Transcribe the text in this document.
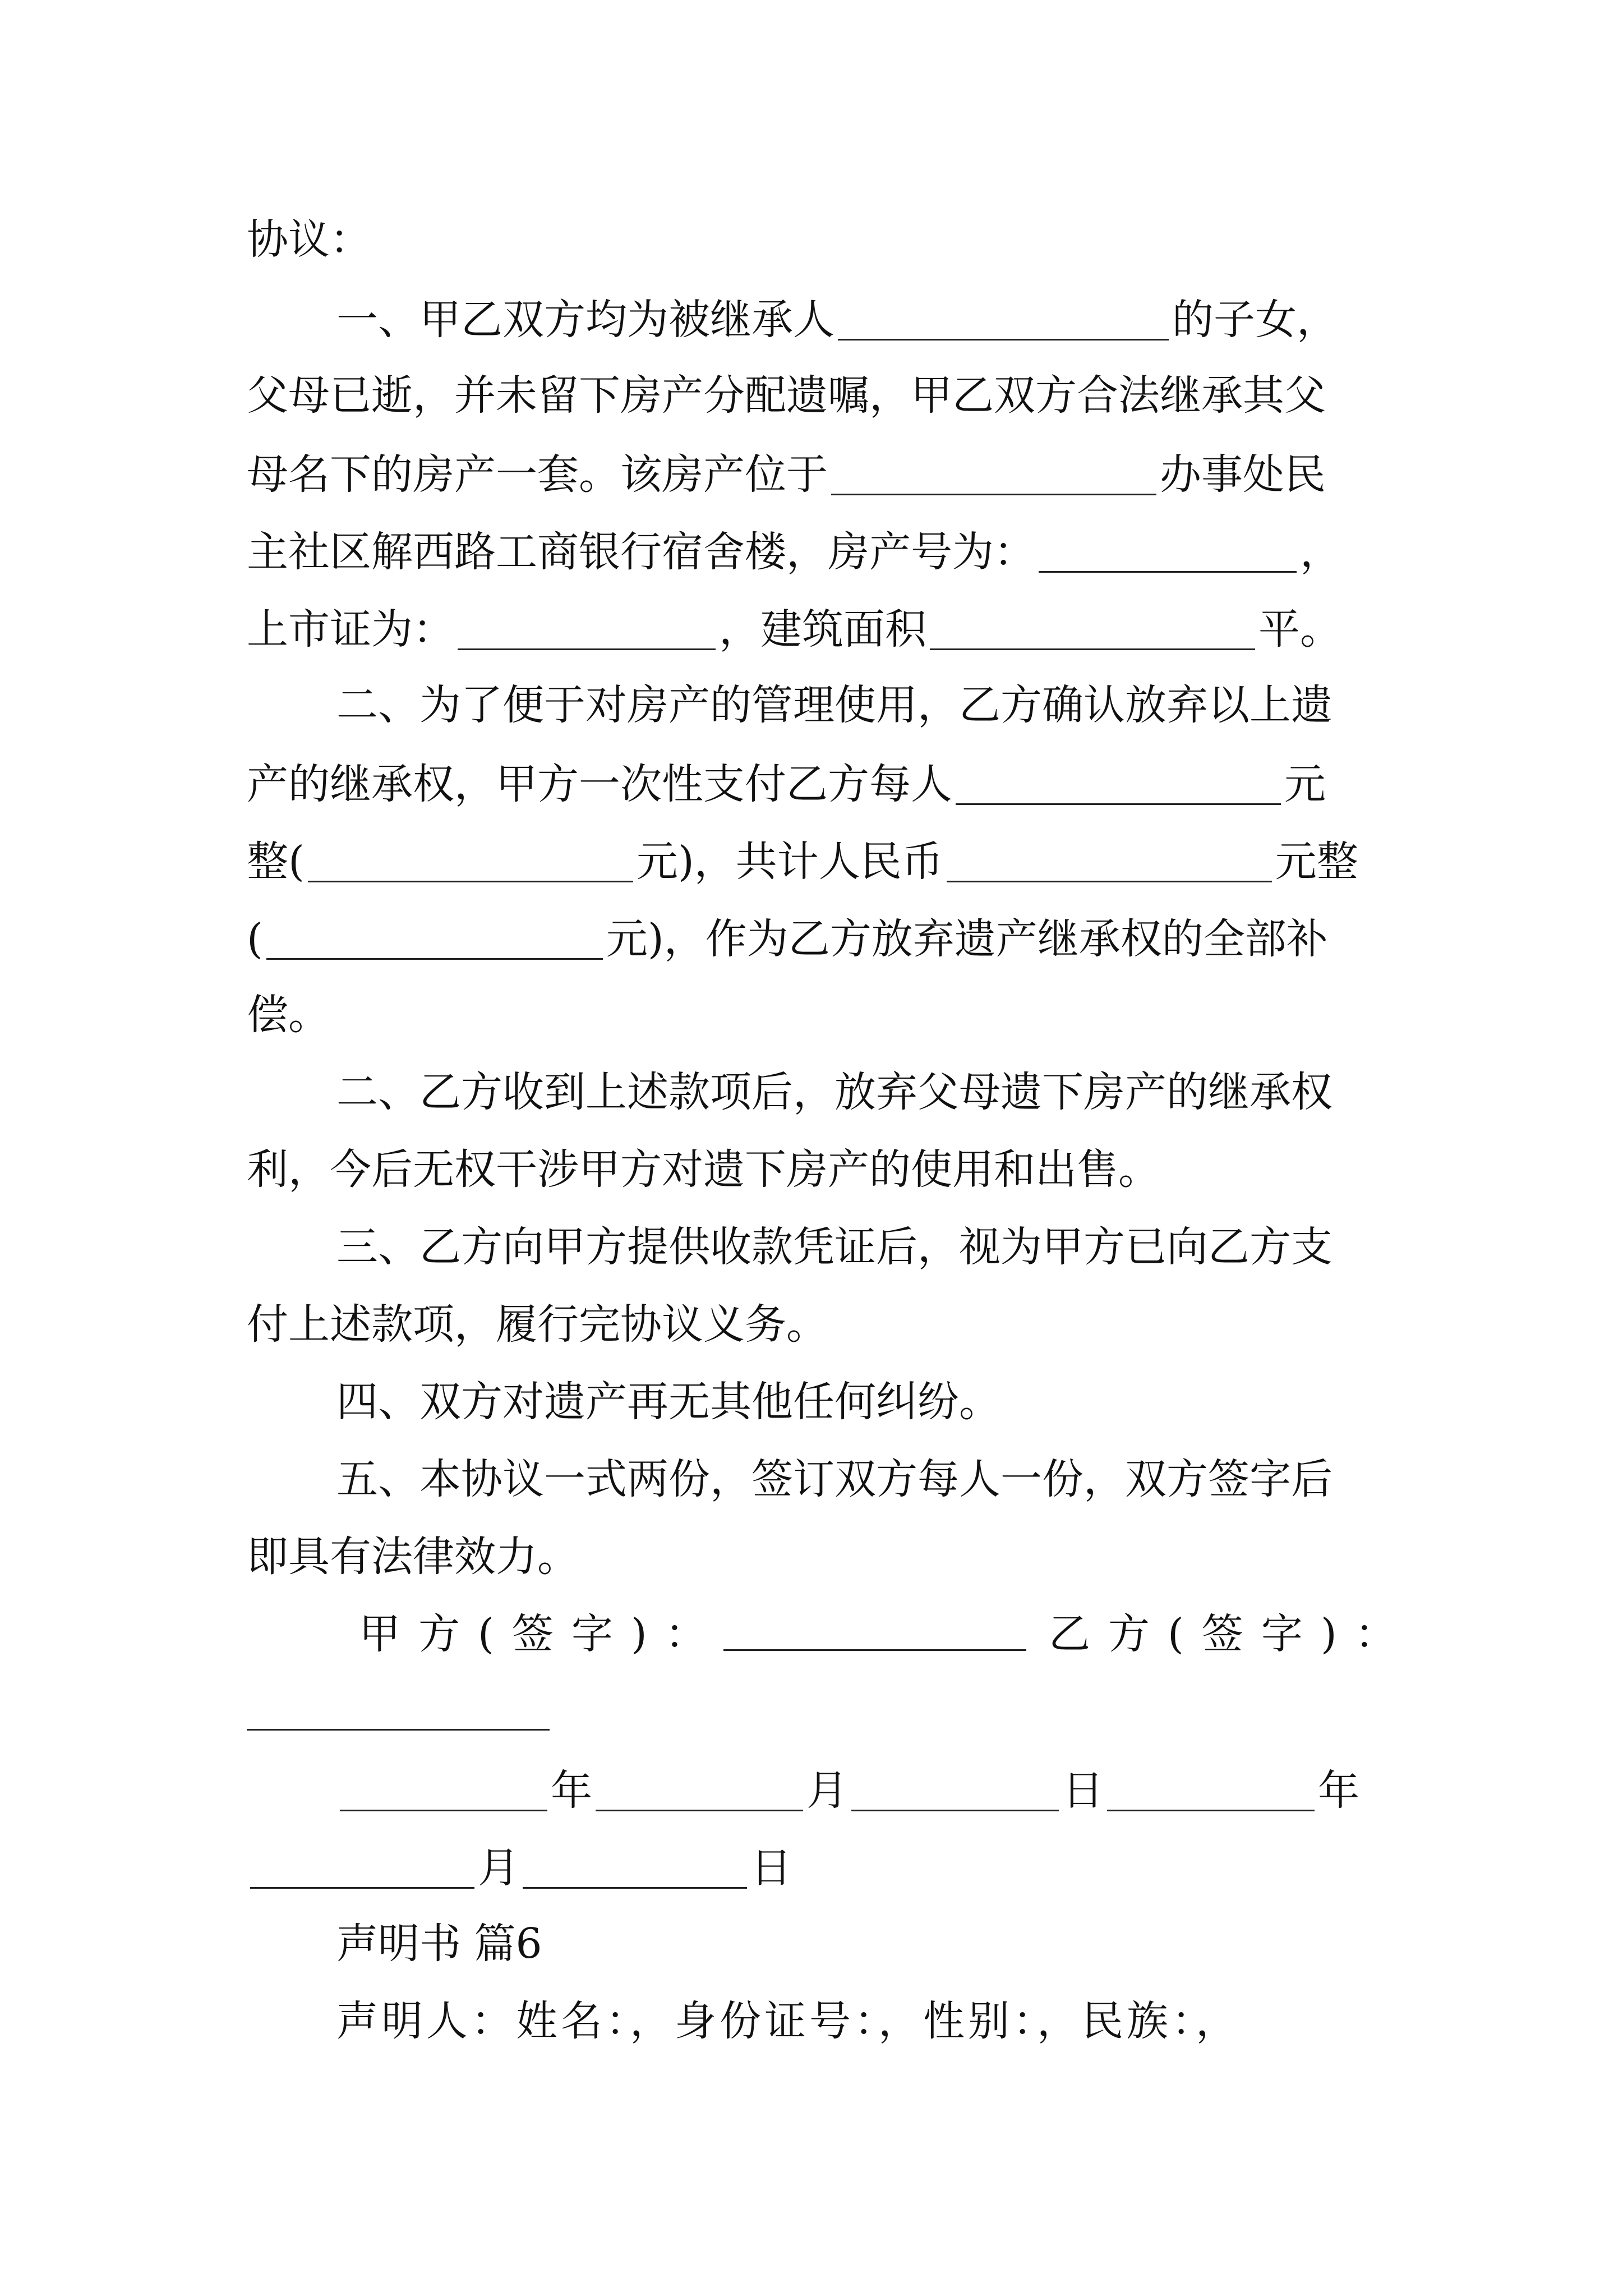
协议：
一、甲乙双方均为被继承人	的子女，
父母已逝，并未留下房产分配遗嘱，甲乙双方合法继承其父
母名下的房产一套。该房产位于	办事处民
主社区解西路工商银行宿舍楼，房产号为：	，
上市证为：	，建筑面积	平。
二、为了便于对房产的管理使用，乙方确认放弃以上遗
产的继承权，甲方一次性支付乙方每人	元
整(	元)，共计人民币	元整
(	元)，作为乙方放弃遗产继承权的全部补
偿。
二、乙方收到上述款项后，放弃父母遗下房产的继承权
利，今后无权干涉甲方对遗下房产的使用和出售。
三、乙方向甲方提供收款凭证后，视为甲方已向乙方支
付上述款项，履行完协议义务。
四、双方对遗产再无其他任何纠纷。
五、本协议一式两份，签订双方每人一份，双方签字后
即具有法律效力。
甲方(签字)：	乙方(签字)：
年	月	日	年
月	日
声明书 篇6
声明人：姓名：，身份证号：，性别：，民族：，
